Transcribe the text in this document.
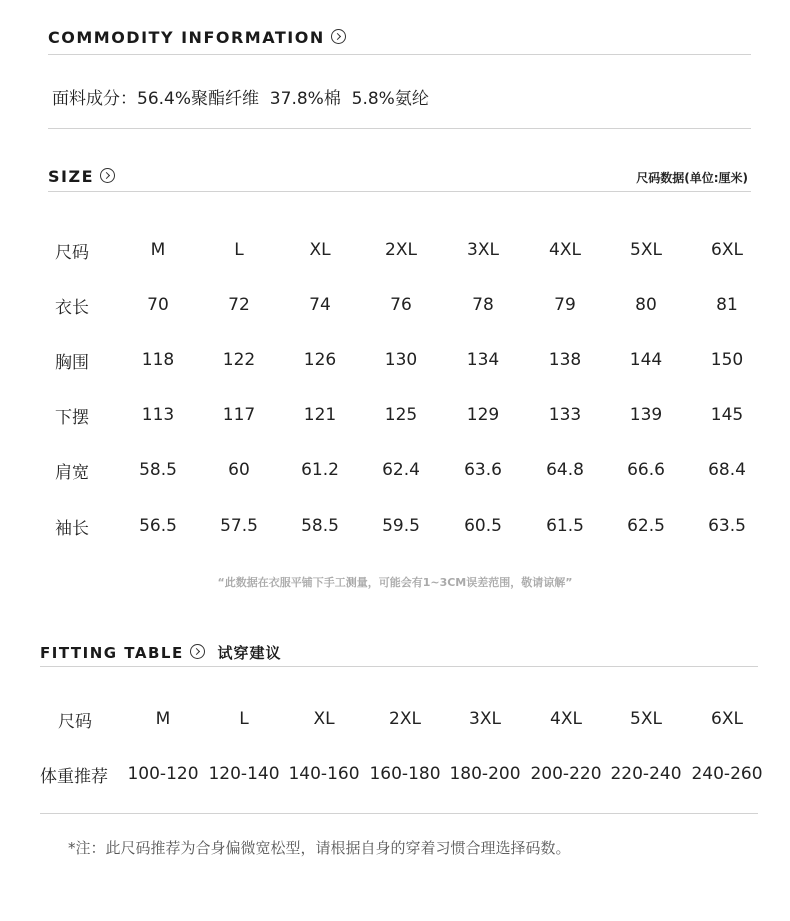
COMMODITY INFORMATION
面料成分：56.4%聚酯纤维  37.8%棉  5.8%氨纶
SIZE	尺码数据(单位:厘米)
尺码	M	L	XL	2XL	3XL	4XL	5XL	6XL
衣长	70	72	74	76	78	79	80	81
胸围	118	122	126	130	134	138	144	150
下摆	113	117	121	125	129	133	139	145
肩宽	58.5	60	61.2	62.4	63.6	64.8	66.6	68.4
袖长	56.5	57.5	58.5	59.5	60.5	61.5	62.5	63.5
“此数据在衣服平铺下手工测量，可能会有1~3CM误差范围，敬请谅解”
FITTING TABLE 试穿建议
尺码	M	L	XL	2XL	3XL	4XL	5XL	6XL
体重推荐	100-120 120-140 140-160 160-180 180-200 200-220 220-240 240-260
*注：此尺码推荐为合身偏微宽松型，请根据自身的穿着习惯合理选择码数。
